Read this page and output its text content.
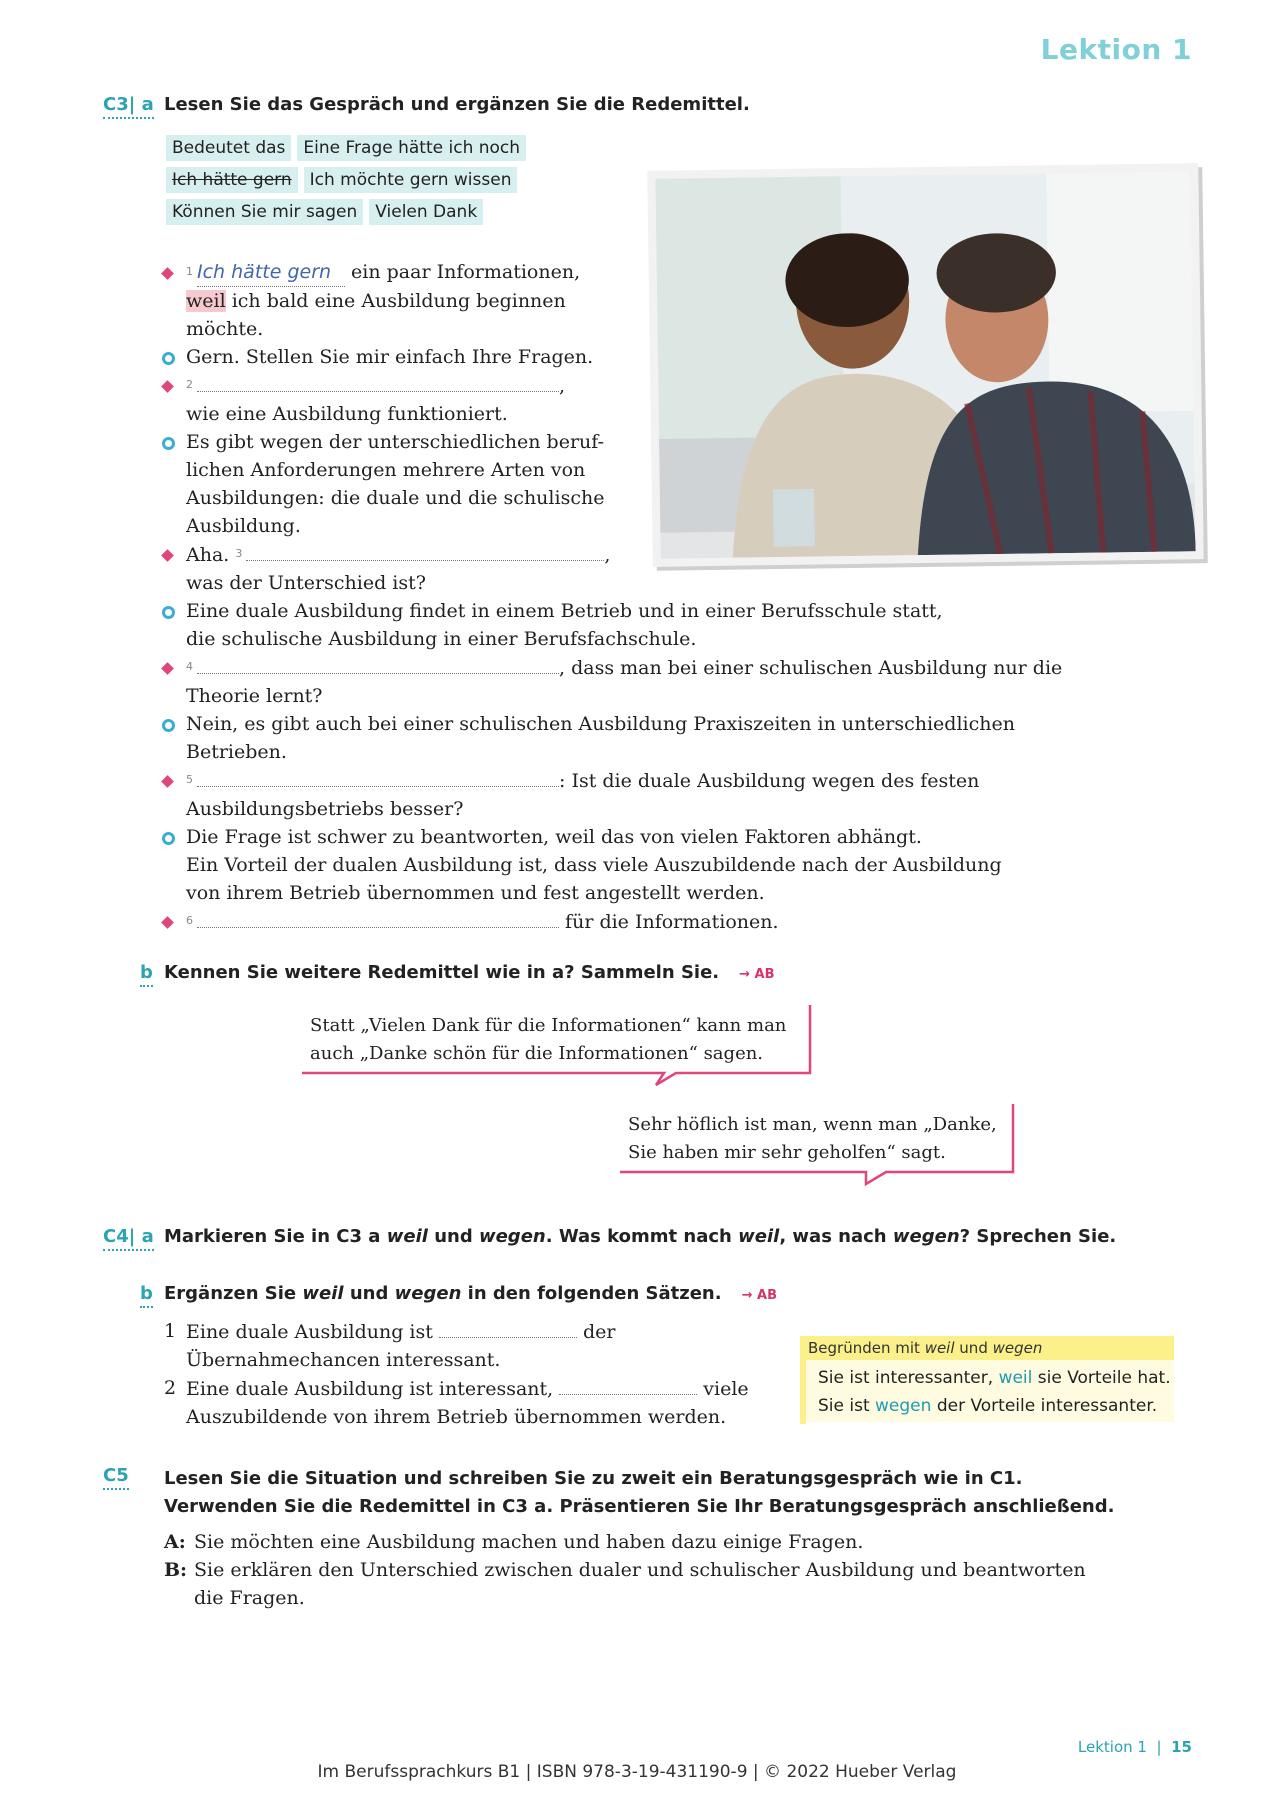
Lektion 1
C3| a Lesen Sie das Gespräch und ergänzen Sie die Redemittel.
Bedeutet das	Eine Frage hätte ich noch
Ich hätte gern	Ich möchte gern wissen
Können Sie mir sagen	Vielen Dank
$^1$ Ich hätte gern ein paar Informationen,
weil ich bald eine Ausbildung beginnen
möchte.
Gern. Stellen Sie mir einfach Ihre Fragen.
$^2$	,
wie eine Ausbildung funktioniert.
Es gibt wegen der unterschiedlichen beruf-
lichen Anforderungen mehrere Arten von
Ausbildungen: die duale und die schulische
Ausbildung.
Aha. $^3$	,
was der Unterschied ist?
Eine duale Ausbildung findet in einem Betrieb und in einer Berufsschule statt,
die schulische Ausbildung in einer Berufsfachschule.
$^4$	, dass man bei einer schulischen Ausbildung nur die
Theorie lernt?
Nein, es gibt auch bei einer schulischen Ausbildung Praxiszeiten in unterschiedlichen
Betrieben.
$^5$	: Ist die duale Ausbildung wegen des festen
Ausbildungsbetriebs besser?
Die Frage ist schwer zu beantworten, weil das von vielen Faktoren abhängt.
Ein Vorteil der dualen Ausbildung ist, dass viele Auszubildende nach der Ausbildung
von ihrem Betrieb übernommen und fest angestellt werden.
$^6$	für die Informationen.
b Kennen Sie weitere Redemittel wie in a? Sammeln Sie. → AB
Statt „Vielen Dank für die Informationen“ kann man
auch „Danke schön für die Informationen“ sagen.
Sehr höflich ist man, wenn man „Danke,
Sie haben mir sehr geholfen“ sagt.
C4| a Markieren Sie in C3 a weil und wegen. Was kommt nach weil, was nach wegen? Sprechen Sie.
b Ergänzen Sie weil und wegen in den folgenden Sätzen. → AB
1 Eine duale Ausbildung ist	der
Übernahmechancen interessant.
2 Eine duale Ausbildung ist interessant,	viele
Auszubildende von ihrem Betrieb übernommen werden.
Begründen mit weil und wegen
Sie ist interessanter, weil sie Vorteile hat.
Sie ist wegen der Vorteile interessanter.
C5 Lesen Sie die Situation und schreiben Sie zu zweit ein Beratungsgespräch wie in C1.
Verwenden Sie die Redemittel in C3 a. Präsentieren Sie Ihr Beratungsgespräch anschließend.
A: Sie möchten eine Ausbildung machen und haben dazu einige Fragen.
B: Sie erklären den Unterschied zwischen dualer und schulischer Ausbildung und beantworten
die Fragen.
Lektion 1 | 15
Im Berufssprachkurs B1 | ISBN 978-3-19-431190-9 | © 2022 Hueber Verlag
